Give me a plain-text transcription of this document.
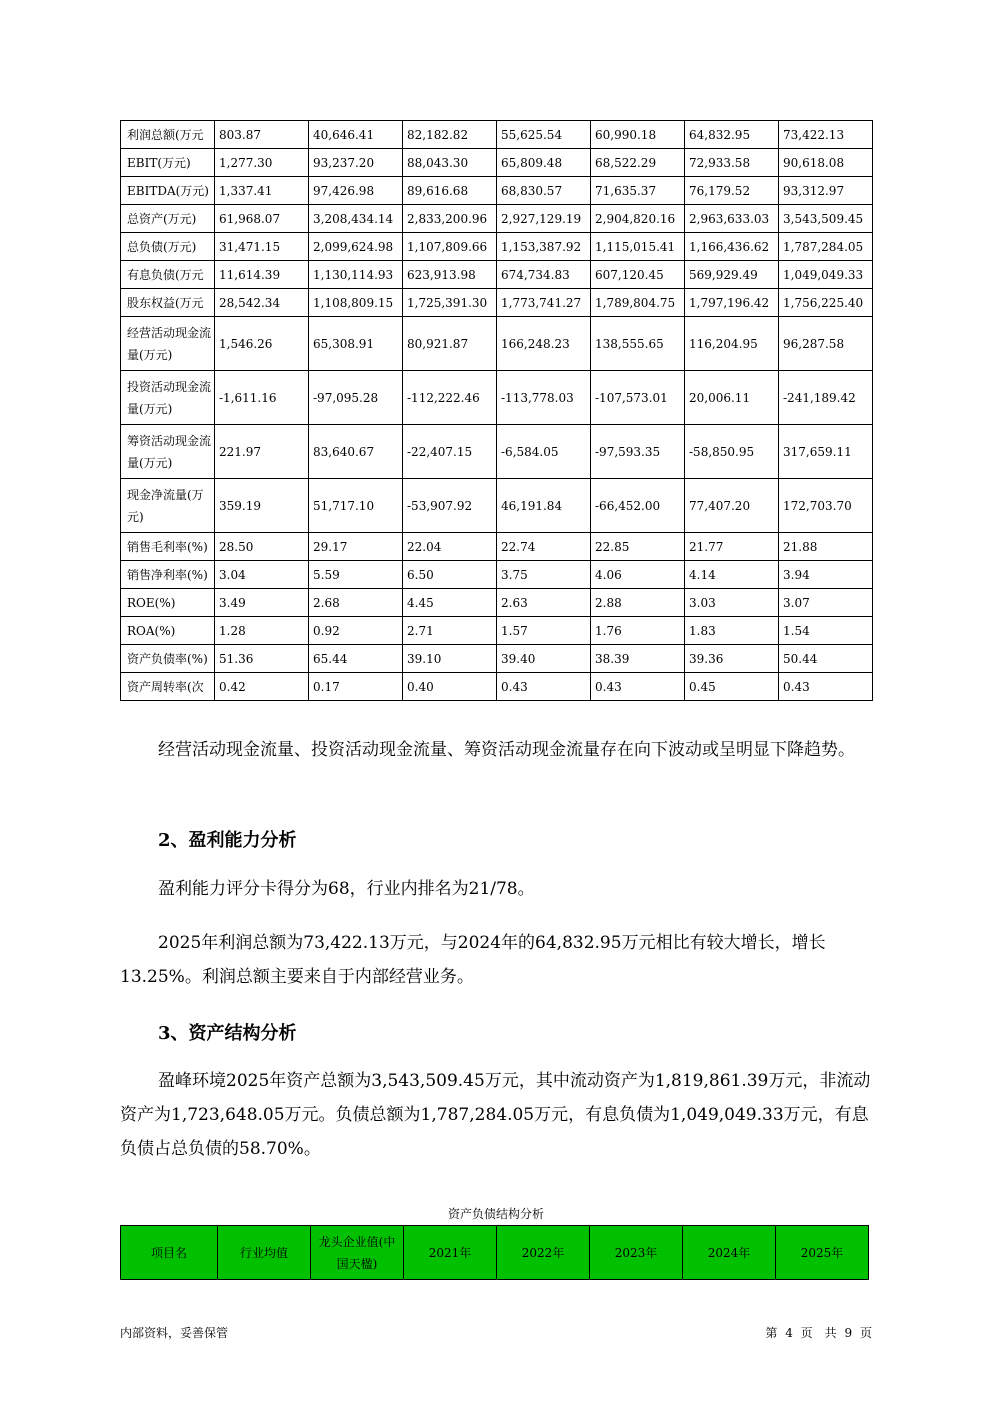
利润总额(万元	803.87	40,646.41	82,182.82	55,625.54	60,990.18	64,832.95	73,422.13
EBIT(万元)	1,277.30	93,237.20	88,043.30	65,809.48	68,522.29	72,933.58	90,618.08
EBITDA(万元)	1,337.41	97,426.98	89,616.68	68,830.57	71,635.37	76,179.52	93,312.97
总资产(万元)	61,968.07	3,208,434.14	2,833,200.96	2,927,129.19	2,904,820.16	2,963,633.03	3,543,509.45
总负债(万元)	31,471.15	2,099,624.98	1,107,809.66	1,153,387.92	1,115,015.41	1,166,436.62	1,787,284.05
有息负债(万元	11,614.39	1,130,114.93	623,913.98	674,734.83	607,120.45	569,929.49	1,049,049.33
股东权益(万元	28,542.34	1,108,809.15	1,725,391.30	1,773,741.27	1,789,804.75	1,797,196.42	1,756,225.40
经营活动现金流量(万元)	1,546.26	65,308.91	80,921.87	166,248.23	138,555.65	116,204.95	96,287.58
投资活动现金流量(万元)	-1,611.16	-97,095.28	-112,222.46	-113,778.03	-107,573.01	20,006.11	-241,189.42
筹资活动现金流量(万元)	221.97	83,640.67	-22,407.15	-6,584.05	-97,593.35	-58,850.95	317,659.11
现金净流量(万元)	359.19	51,717.10	-53,907.92	46,191.84	-66,452.00	77,407.20	172,703.70
销售毛利率(%)	28.50	29.17	22.04	22.74	22.85	21.77	21.88
销售净利率(%)	3.04	5.59	6.50	3.75	4.06	4.14	3.94
ROE(%)	3.49	2.68	4.45	2.63	2.88	3.03	3.07
ROA(%)	1.28	0.92	2.71	1.57	1.76	1.83	1.54
资产负债率(%)	51.36	65.44	39.10	39.40	38.39	39.36	50.44
资产周转率(次	0.42	0.17	0.40	0.43	0.43	0.45	0.43
经营活动现金流量、投资活动现金流量、筹资活动现金流量存在向下波动或呈明显下降趋势。
2、盈利能力分析
盈利能力评分卡得分为68，行业内排名为21/78。
2025年利润总额为73,422.13万元，与2024年的64,832.95万元相比有较大增长，增长13.25%。利润总额主要来自于内部经营业务。
3、资产结构分析
盈峰环境2025年资产总额为3,543,509.45万元，其中流动资产为1,819,861.39万元，非流动资产为1,723,648.05万元。负债总额为1,787,284.05万元，有息负债为1,049,049.33万元，有息负债占总负债的58.70%。
资产负债结构分析
项目名	行业均值	龙头企业值(中国天楹)	2021年	2022年	2023年	2024年	2025年
内部资料，妥善保管	第 4 页　共 9 页
